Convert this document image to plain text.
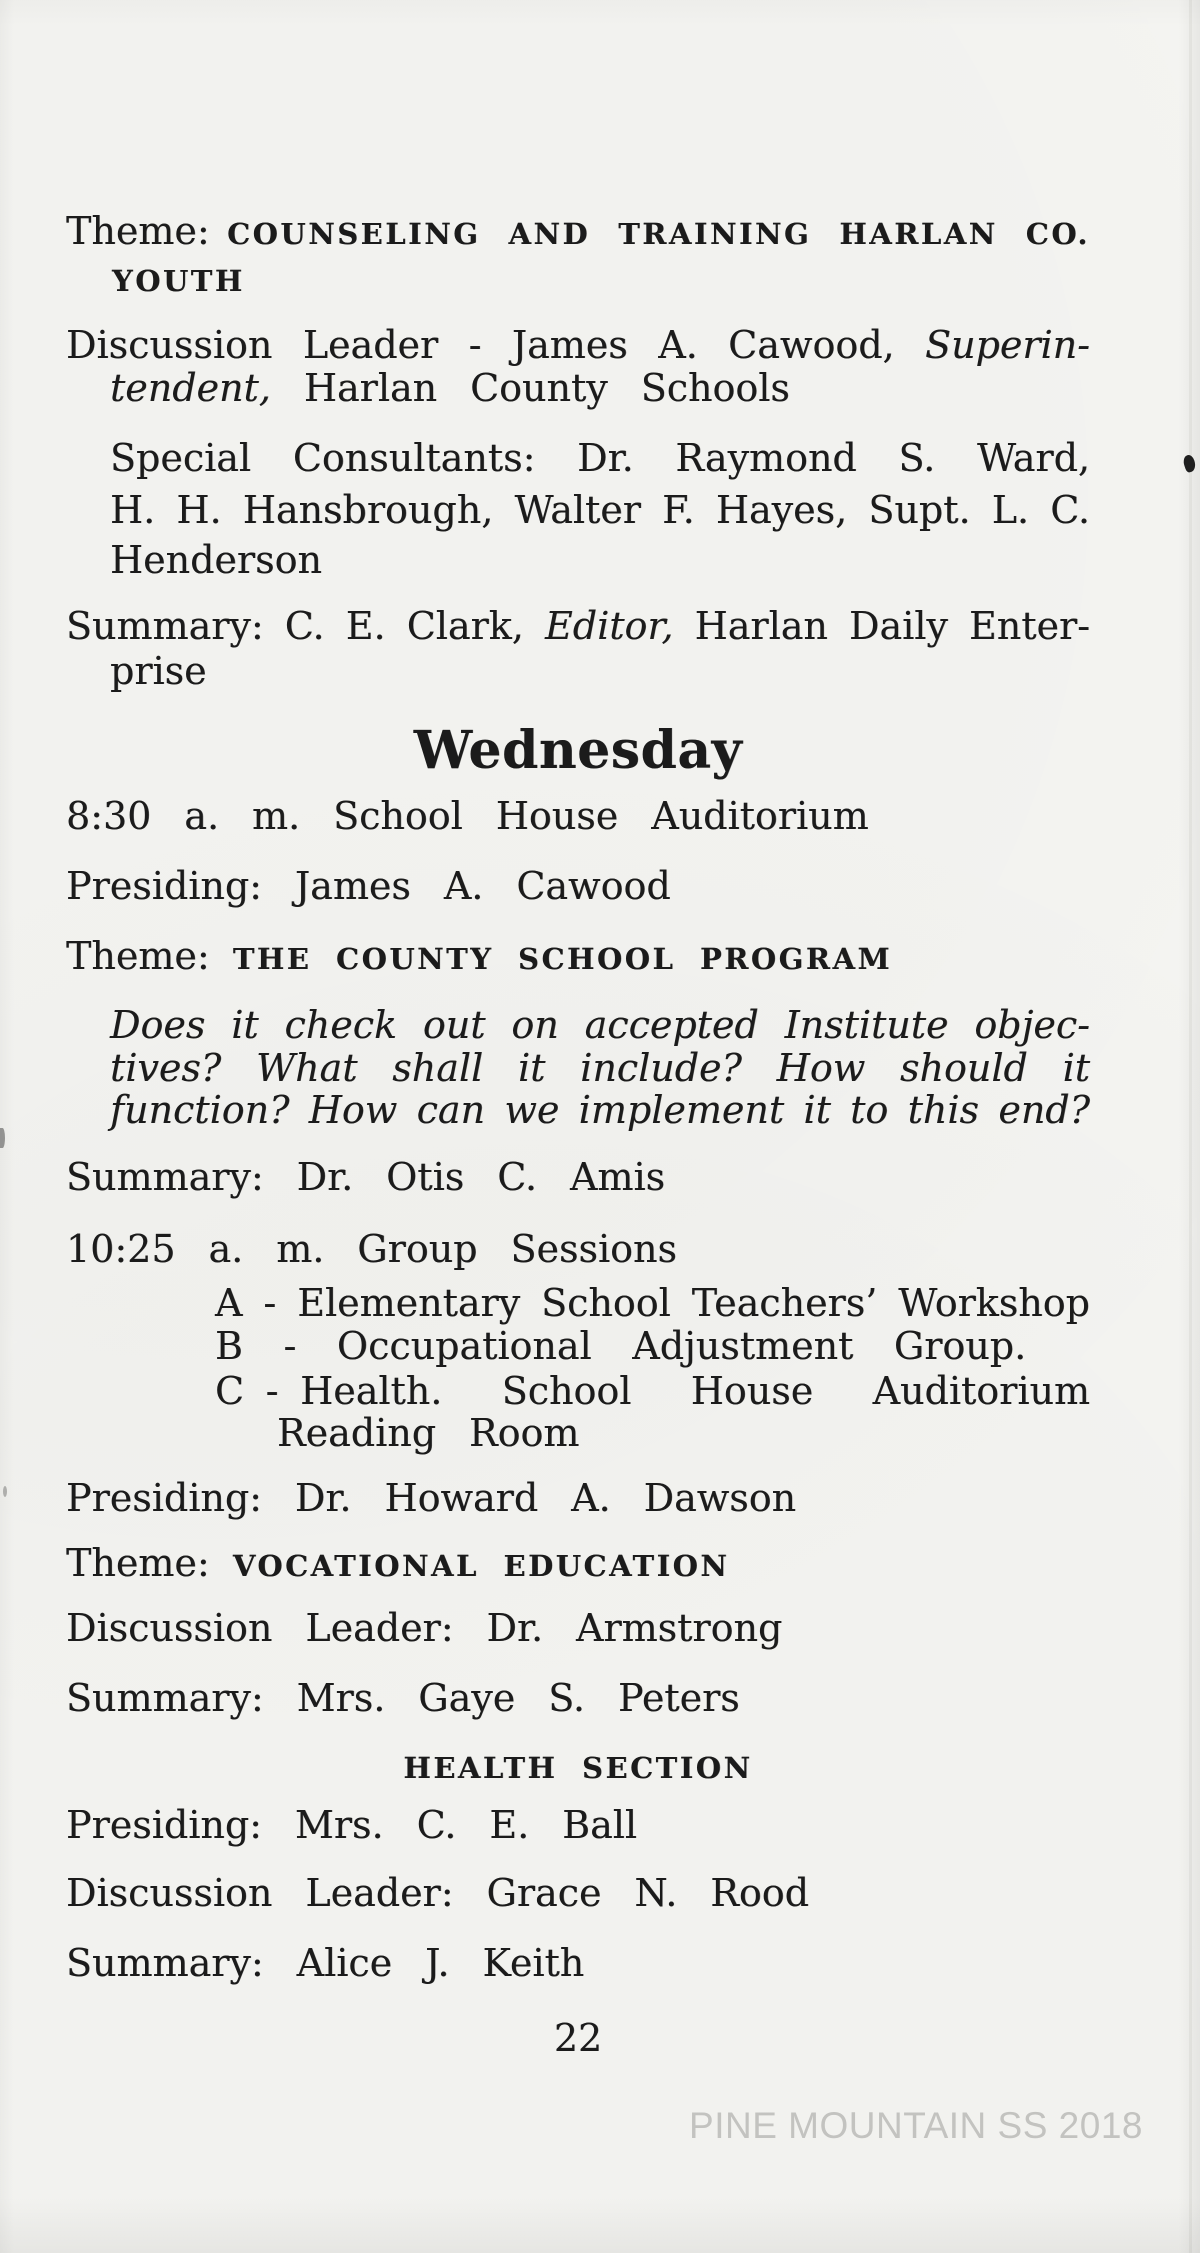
Theme: COUNSELING AND TRAINING HARLAN CO.
YOUTH
Discussion Leader - James A. Cawood, Superin-
tendent, Harlan County Schools
Special Consultants: Dr. Raymond S. Ward,
H. H. Hansbrough, Walter F. Hayes, Supt. L. C.
Henderson
Summary: C. E. Clark, Editor, Harlan Daily Enter-
prise
Wednesday
8:30 a. m. School House Auditorium
Presiding: James A. Cawood
Theme: THE COUNTY SCHOOL PROGRAM
Does it check out on accepted Institute objec-
tives? What shall it include? How should it
function? How can we implement it to this end?
Summary: Dr. Otis C. Amis
10:25 a. m. Group Sessions
A - Elementary School Teachers’ Workshop
B - Occupational Adjustment Group.
C - Health. School House Auditorium
Reading Room
Presiding: Dr. Howard A. Dawson
Theme: VOCATIONAL EDUCATION
Discussion Leader: Dr. Armstrong
Summary: Mrs. Gaye S. Peters
HEALTH SECTION
Presiding: Mrs. C. E. Ball
Discussion Leader: Grace N. Rood
Summary: Alice J. Keith
22
PINE MOUNTAIN SS 2018
